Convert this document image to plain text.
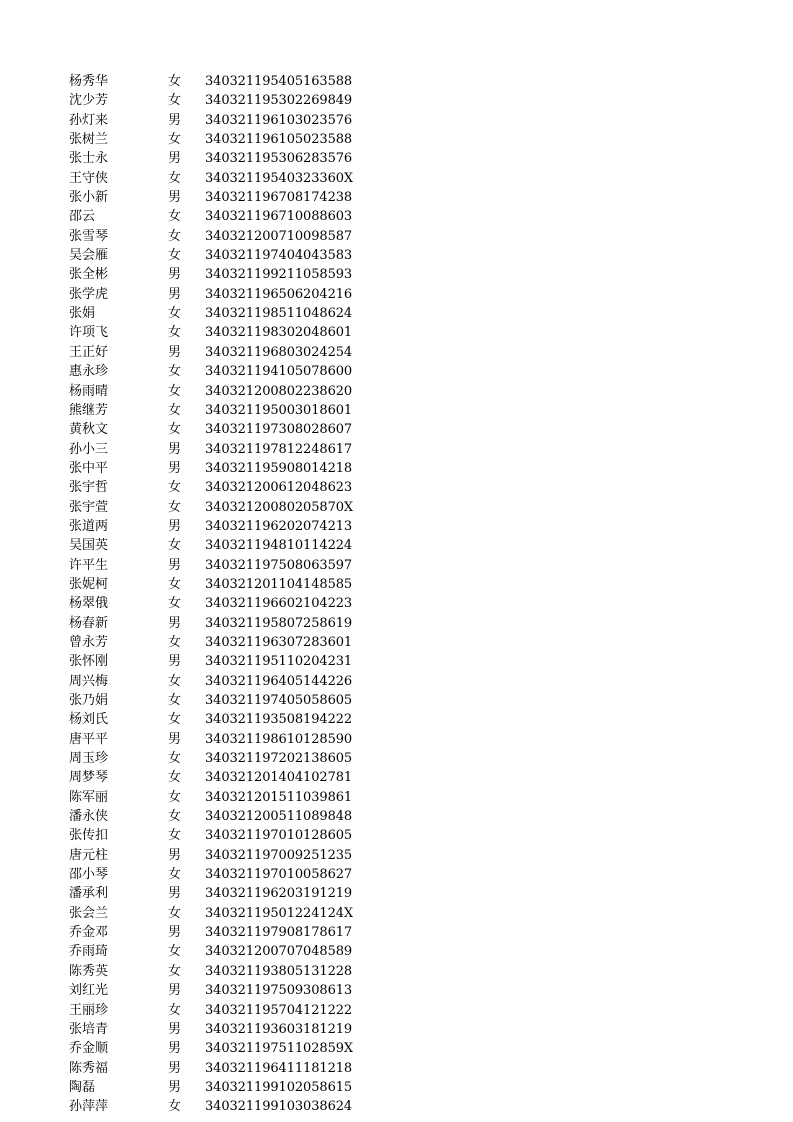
杨秀华	女 340321195405163588
沈少芳	女 340321195302269849
孙灯来	男 340321196103023576
张树兰	女 340321196105023588
张士永	男 340321195306283576
王守侠	女 34032119540323360X
张小新	男 340321196708174238
邵云	女 340321196710088603
张雪琴	女 340321200710098587
吴会雁	女 340321197404043583
张全彬	男 340321199211058593
张学虎	男 340321196506204216
张娟	女 340321198511048624
许项飞	女 340321198302048601
王正好	男 340321196803024254
惠永珍	女 340321194105078600
杨雨晴	女 340321200802238620
熊继芳	女 340321195003018601
黄秋文	女 340321197308028607
孙小三	男 340321197812248617
张中平	男 340321195908014218
张宇哲	女 340321200612048623
张宇萱	女 34032120080205870X
张道两	男 340321196202074213
吴国英	女 340321194810114224
许平生	男 340321197508063597
张妮柯	女 340321201104148585
杨翠俄	女 340321196602104223
杨春新	男 340321195807258619
曾永芳	女 340321196307283601
张怀刚	男 340321195110204231
周兴梅	女 340321196405144226
张乃娟	女 340321197405058605
杨刘氏	女 340321193508194222
唐平平	男 340321198610128590
周玉珍	女 340321197202138605
周梦琴	女 340321201404102781
陈军丽	女 340321201511039861
潘永侠	女 340321200511089848
张传扣	女 340321197010128605
唐元柱	男 340321197009251235
邵小琴	女 340321197010058627
潘承利	男 340321196203191219
张会兰	女 34032119501224124X
乔金邓	男 340321197908178617
乔雨琦	女 340321200707048589
陈秀英	女 340321193805131228
刘红光	男 340321197509308613
王丽珍	女 340321195704121222
张培青	男 340321193603181219
乔金顺	男 34032119751102859X
陈秀福	男 340321196411181218
陶磊	男 340321199102058615
孙萍萍	女 340321199103038624
